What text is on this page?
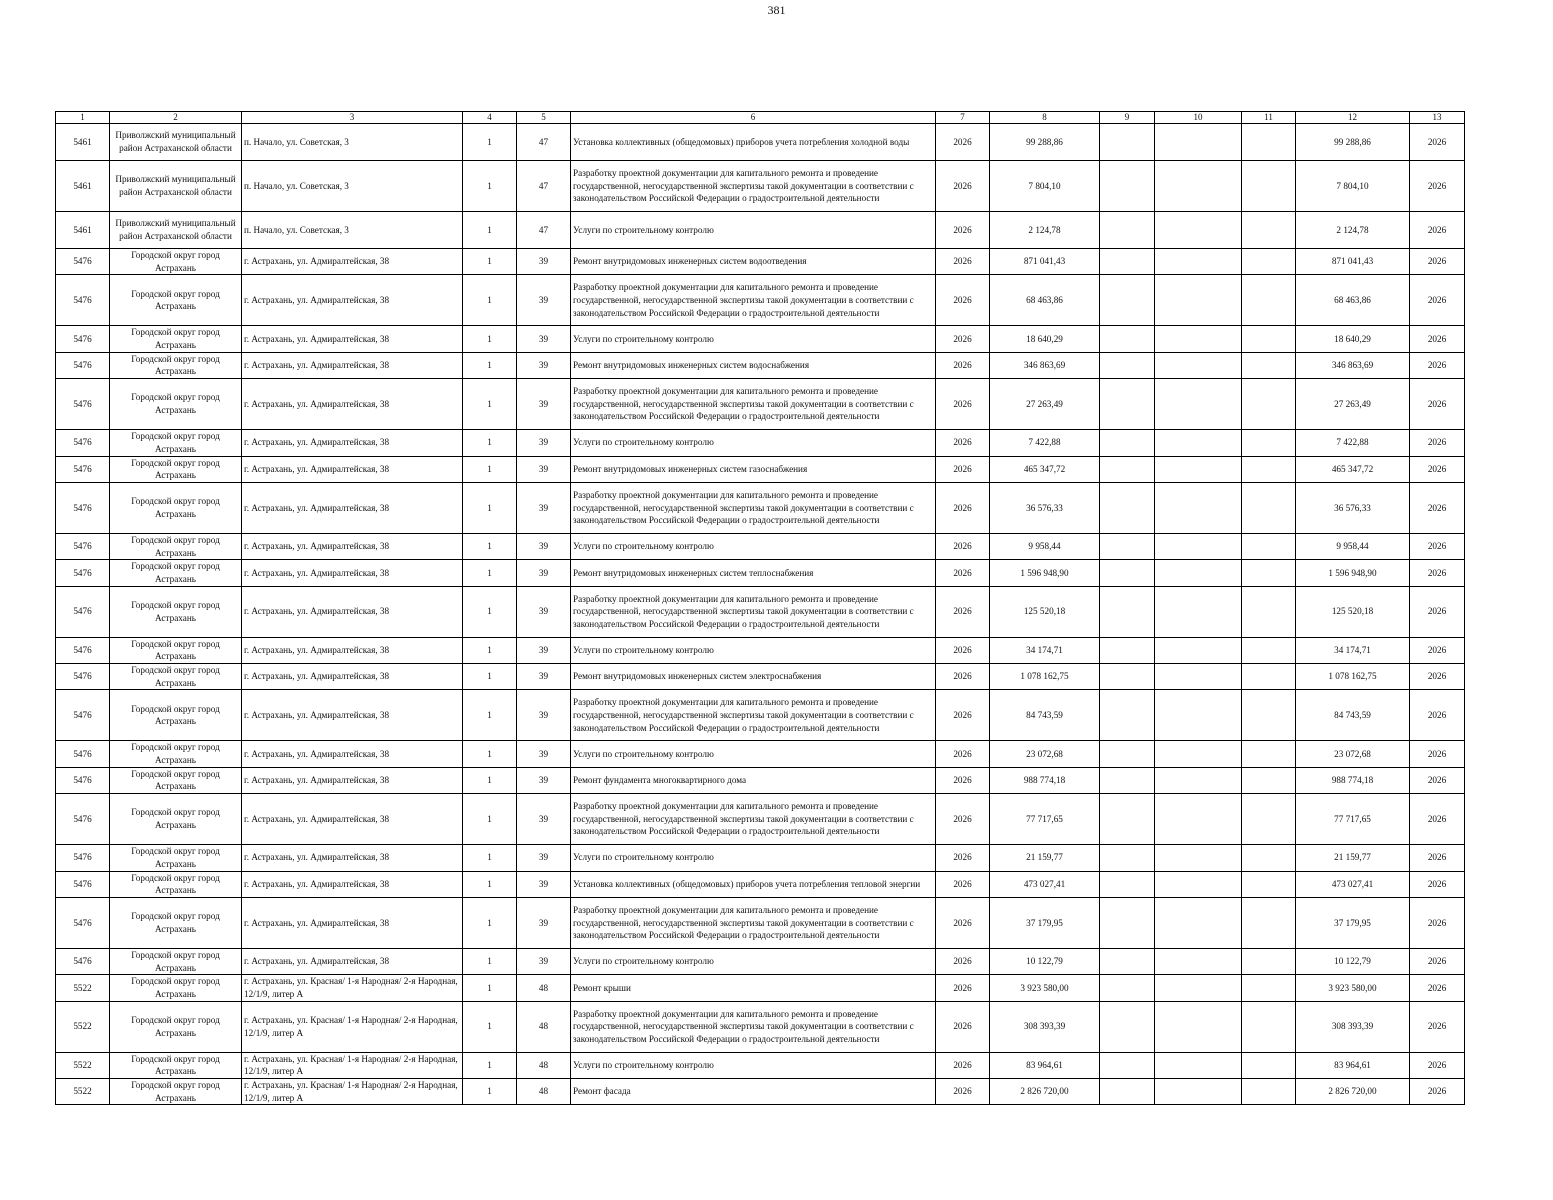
381
1	2	3	4	5	6	7	8	9	10	11	12	13
5461	Приволжский муниципальный район Астраханской области	п. Начало, ул. Советская, 3	1	47	Установка коллективных (общедомовых) приборов учета потребления холодной воды	2026	99 288,86				99 288,86	2026
5461	Приволжский муниципальный район Астраханской области	п. Начало, ул. Советская, 3	1	47	Разработку проектной документации для капитального ремонта и проведение государственной, негосударственной экспертизы такой документации в соответствии с законодательством Российской Федерации о градостроительной деятельности	2026	7 804,10				7 804,10	2026
5461	Приволжский муниципальный район Астраханской области	п. Начало, ул. Советская, 3	1	47	Услуги по строительному контролю	2026	2 124,78				2 124,78	2026
5476	Городской округ город Астрахань	г. Астрахань, ул. Адмиралтейская, 38	1	39	Ремонт внутридомовых инженерных систем водоотведения	2026	871 041,43				871 041,43	2026
5476	Городской округ город Астрахань	г. Астрахань, ул. Адмиралтейская, 38	1	39	Разработку проектной документации для капитального ремонта и проведение государственной, негосударственной экспертизы такой документации в соответствии с законодательством Российской Федерации о градостроительной деятельности	2026	68 463,86				68 463,86	2026
5476	Городской округ город Астрахань	г. Астрахань, ул. Адмиралтейская, 38	1	39	Услуги по строительному контролю	2026	18 640,29				18 640,29	2026
5476	Городской округ город Астрахань	г. Астрахань, ул. Адмиралтейская, 38	1	39	Ремонт внутридомовых инженерных систем водоснабжения	2026	346 863,69				346 863,69	2026
5476	Городской округ город Астрахань	г. Астрахань, ул. Адмиралтейская, 38	1	39	Разработку проектной документации для капитального ремонта и проведение государственной, негосударственной экспертизы такой документации в соответствии с законодательством Российской Федерации о градостроительной деятельности	2026	27 263,49				27 263,49	2026
5476	Городской округ город Астрахань	г. Астрахань, ул. Адмиралтейская, 38	1	39	Услуги по строительному контролю	2026	7 422,88				7 422,88	2026
5476	Городской округ город Астрахань	г. Астрахань, ул. Адмиралтейская, 38	1	39	Ремонт внутридомовых инженерных систем газоснабжения	2026	465 347,72				465 347,72	2026
5476	Городской округ город Астрахань	г. Астрахань, ул. Адмиралтейская, 38	1	39	Разработку проектной документации для капитального ремонта и проведение государственной, негосударственной экспертизы такой документации в соответствии с законодательством Российской Федерации о градостроительной деятельности	2026	36 576,33				36 576,33	2026
5476	Городской округ город Астрахань	г. Астрахань, ул. Адмиралтейская, 38	1	39	Услуги по строительному контролю	2026	9 958,44				9 958,44	2026
5476	Городской округ город Астрахань	г. Астрахань, ул. Адмиралтейская, 38	1	39	Ремонт внутридомовых инженерных систем теплоснабжения	2026	1 596 948,90				1 596 948,90	2026
5476	Городской округ город Астрахань	г. Астрахань, ул. Адмиралтейская, 38	1	39	Разработку проектной документации для капитального ремонта и проведение государственной, негосударственной экспертизы такой документации в соответствии с законодательством Российской Федерации о градостроительной деятельности	2026	125 520,18				125 520,18	2026
5476	Городской округ город Астрахань	г. Астрахань, ул. Адмиралтейская, 38	1	39	Услуги по строительному контролю	2026	34 174,71				34 174,71	2026
5476	Городской округ город Астрахань	г. Астрахань, ул. Адмиралтейская, 38	1	39	Ремонт внутридомовых инженерных систем электроснабжения	2026	1 078 162,75				1 078 162,75	2026
5476	Городской округ город Астрахань	г. Астрахань, ул. Адмиралтейская, 38	1	39	Разработку проектной документации для капитального ремонта и проведение государственной, негосударственной экспертизы такой документации в соответствии с законодательством Российской Федерации о градостроительной деятельности	2026	84 743,59				84 743,59	2026
5476	Городской округ город Астрахань	г. Астрахань, ул. Адмиралтейская, 38	1	39	Услуги по строительному контролю	2026	23 072,68				23 072,68	2026
5476	Городской округ город Астрахань	г. Астрахань, ул. Адмиралтейская, 38	1	39	Ремонт фундамента многоквартирного дома	2026	988 774,18				988 774,18	2026
5476	Городской округ город Астрахань	г. Астрахань, ул. Адмиралтейская, 38	1	39	Разработку проектной документации для капитального ремонта и проведение государственной, негосударственной экспертизы такой документации в соответствии с законодательством Российской Федерации о градостроительной деятельности	2026	77 717,65				77 717,65	2026
5476	Городской округ город Астрахань	г. Астрахань, ул. Адмиралтейская, 38	1	39	Услуги по строительному контролю	2026	21 159,77				21 159,77	2026
5476	Городской округ город Астрахань	г. Астрахань, ул. Адмиралтейская, 38	1	39	Установка коллективных (общедомовых) приборов учета потребления тепловой энергии	2026	473 027,41				473 027,41	2026
5476	Городской округ город Астрахань	г. Астрахань, ул. Адмиралтейская, 38	1	39	Разработку проектной документации для капитального ремонта и проведение государственной, негосударственной экспертизы такой документации в соответствии с законодательством Российской Федерации о градостроительной деятельности	2026	37 179,95				37 179,95	2026
5476	Городской округ город Астрахань	г. Астрахань, ул. Адмиралтейская, 38	1	39	Услуги по строительному контролю	2026	10 122,79				10 122,79	2026
5522	Городской округ город Астрахань	г. Астрахань, ул. Красная/ 1-я Народная/ 2-я Народная, 12/1/9, литер А	1	48	Ремонт крыши	2026	3 923 580,00				3 923 580,00	2026
5522	Городской округ город Астрахань	г. Астрахань, ул. Красная/ 1-я Народная/ 2-я Народная, 12/1/9, литер А	1	48	Разработку проектной документации для капитального ремонта и проведение государственной, негосударственной экспертизы такой документации в соответствии с законодательством Российской Федерации о градостроительной деятельности	2026	308 393,39				308 393,39	2026
5522	Городской округ город Астрахань	г. Астрахань, ул. Красная/ 1-я Народная/ 2-я Народная, 12/1/9, литер А	1	48	Услуги по строительному контролю	2026	83 964,61				83 964,61	2026
5522	Городской округ город Астрахань	г. Астрахань, ул. Красная/ 1-я Народная/ 2-я Народная, 12/1/9, литер А	1	48	Ремонт фасада	2026	2 826 720,00				2 826 720,00	2026
